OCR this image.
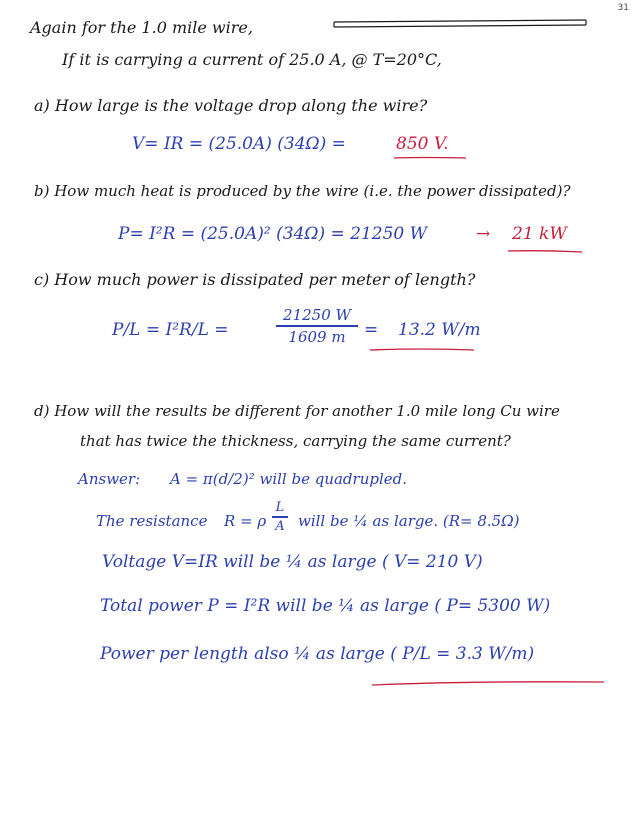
31
Again for the 1.0 mile wire,
If it is carrying a current of 25.0 A, @ T=20°C,
a) How large is the voltage drop along the wire?
V= IR = (25.0A) (34Ω) =	850 V.
b) How much heat is produced by the wire (i.e. the power dissipated)?
P= I²R = (25.0A)² (34Ω) = 21250 W	→ 21 kW
c) How much power is dissipated per meter of length?
P/L = I²R/L =
21250 W
1609 m	= 13.2 W/m
d) How will the results be different for another 1.0 mile long Cu wire
that has twice the thickness, carrying the same current?
Answer: A = π(d/2)² will be quadrupled.
The resistance R = ρ
L
A will be ¼ as large. (R= 8.5Ω)
Voltage V=IR will be ¼ as large ( V= 210 V)
Total power P = I²R will be ¼ as large ( P= 5300 W)
Power per length also ¼ as large ( P/L = 3.3 W/m)
